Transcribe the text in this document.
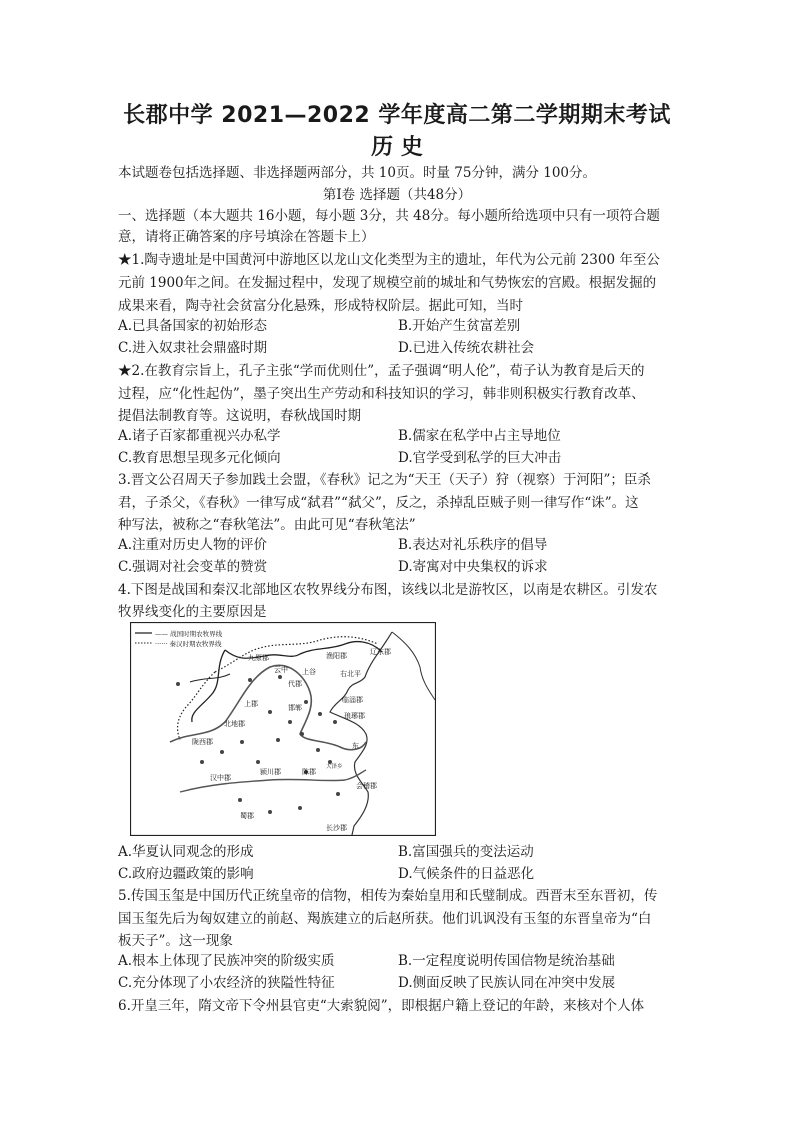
长郡中学 2021—2022 学年度高二第二学期期末考试
历 史
本试题卷包括选择题、非选择题两部分，共 10页。时量 75分钟，满分 100分。
第Ⅰ卷 选择题（共48分）
一、选择题（本大题共 16小题，每小题 3分，共 48分。每小题所给选项中只有一项符合题
意，请将正确答案的序号填涂在答题卡上）
★1.陶寺遗址是中国黄河中游地区以龙山文化类型为主的遗址，年代为公元前 2300 年至公
元前 1900年之间。在发掘过程中，发现了规模空前的城址和气势恢宏的宫殿。根据发掘的
成果来看，陶寺社会贫富分化悬殊，形成特权阶层。据此可知，当时
A.已具备国家的初始形态	B.开始产生贫富差别
C.进入奴隶社会鼎盛时期	D.已进入传统农耕社会
★2.在教育宗旨上，孔子主张“学而优则仕”，孟子强调“明人伦”，荀子认为教育是后天的
过程，应“化性起伪”，墨子突出生产劳动和科技知识的学习，韩非则积极实行教育改革、
提倡法制教育等。这说明，春秋战国时期
A.诸子百家都重视兴办私学	B.儒家在私学中占主导地位
C.教育思想呈现多元化倾向	D.官学受到私学的巨大冲击
3.晋文公召周天子参加践土会盟，《春秋》记之为“天王（天子）狩（视察）于河阳”；臣杀
君，子杀父，《春秋》一律写成“弑君”“弑父”，反之，杀掉乱臣贼子则一律写作“诛”。这
种写法，被称之“春秋笔法”。由此可见“春秋笔法”
A.注重对历史人物的评价	B.表达对礼乐秩序的倡导
C.强调对社会变革的赞赏	D.寄寓对中央集权的诉求
4.下图是战国和秦汉北部地区农牧界线分布图，该线以北是游牧区，以南是农耕区。引发农
牧界线变化的主要原因是
—— 战国时期农牧界线
······ 秦汉时期农牧界线
九原郡	渔阳郡	辽东郡
云中
代郡
上谷	右北平
邯郸
临淄郡
琅琊郡
上郡
北地郡
陇西郡
汉中郡
颍川郡	陈郡
东
会稽郡
蜀郡
长沙郡
大泽乡
A.华夏认同观念的形成	B.富国强兵的变法运动
C.政府边疆政策的影响	D.气候条件的日益恶化
5.传国玉玺是中国历代正统皇帝的信物，相传为秦始皇用和氏璧制成。西晋末至东晋初，传
国玉玺先后为匈奴建立的前赵、羯族建立的后赵所获。他们讥讽没有玉玺的东晋皇帝为“白
板天子”。这一现象
A.根本上体现了民族冲突的阶级实质	B.一定程度说明传国信物是统治基础
C.充分体现了小农经济的狭隘性特征	D.侧面反映了民族认同在冲突中发展
6.开皇三年，隋文帝下令州县官吏“大索貌阅”，即根据户籍上登记的年龄，来核对个人体
